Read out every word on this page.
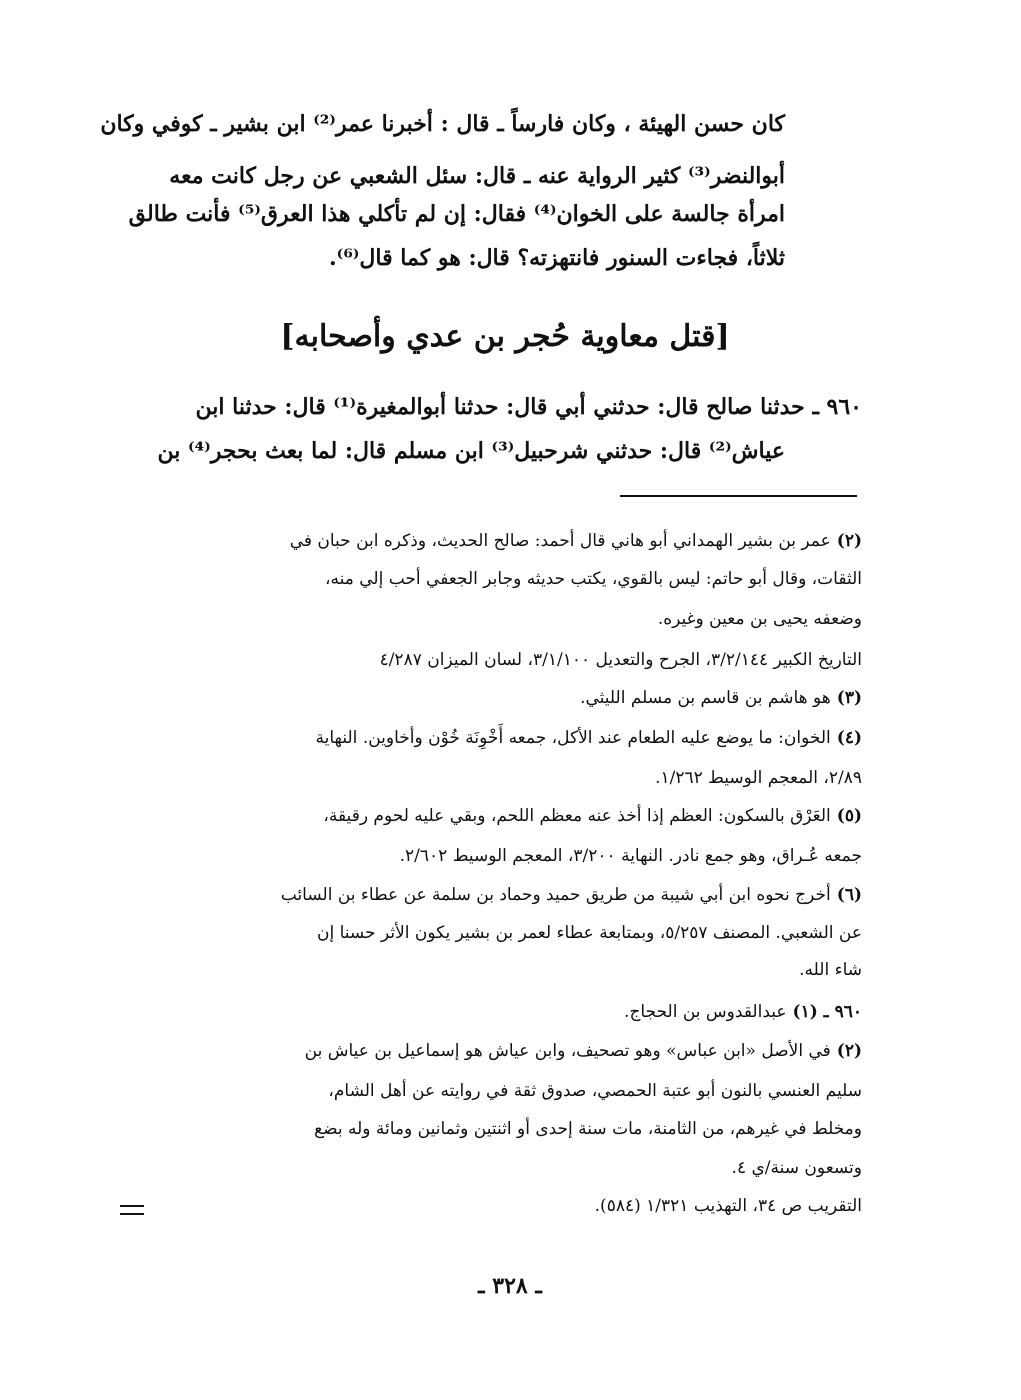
كان حسن الهيئة ، وكان فارساً ـ قال : أخبرنا عمر⁽²⁾ ابن بشير ـ كوفي وكان
أبوالنضر⁽³⁾ كثير الرواية عنه ـ قال: سئل الشعبي عن رجل كانت معه
امرأة جالسة على الخوان⁽⁴⁾ فقال: إن لم تأكلي هذا العرق⁽⁵⁾ فأنت طالق
ثلاثاً، فجاءت السنور فانتهزته؟ قال: هو كما قال⁽⁶⁾.
[قتل معاوية حُجر بن عدي وأصحابه]
٩٦٠ ـ حدثنا صالح قال: حدثني أبي قال: حدثنا أبوالمغيرة⁽¹⁾ قال: حدثنا ابن
عياش⁽²⁾ قال: حدثني شرحبيل⁽³⁾ ابن مسلم قال: لما بعث بحجر⁽⁴⁾ بن
(٢)عمر بن بشير الهمداني أبو هاني قال أحمد: صالح الحديث، وذكره ابن حبان في
الثقات، وقال أبو حاتم: ليس بالقوي، يكتب حديثه وجابر الجعفي أحب إلي منه،
وضعفه يحيى بن معين وغيره.
التاريخ الكبير ٣/٢/١٤٤، الجرح والتعديل ٣/١/١٠٠، لسان الميزان ٤/٢٨٧
(٣)هو هاشم بن قاسم بن مسلم الليثي.
(٤)الخوان: ما يوضع عليه الطعام عند الأكل، جمعه أَخْوِنَة خُوْن وأخاوين. النهاية
٢/٨٩، المعجم الوسيط ١/٢٦٢.
(٥)العَرْق بالسكون: العظم إذا أخذ عنه معظم اللحم، وبقي عليه لحوم رقيقة،
جمعه عُـراق، وهو جمع نادر. النهاية ٣/٢٠٠، المعجم الوسيط ٢/٦٠٢.
(٦)أخرج نحوه ابن أبي شيبة من طريق حميد وحماد بن سلمة عن عطاء بن السائب
عن الشعبي. المصنف ٥/٢٥٧، وبمتابعة عطاء لعمر بن بشير يكون الأثر حسنا إن
شاء الله.
٩٦٠ ـ (١)عبدالقدوس بن الحجاج.
(٢)في الأصل «ابن عباس» وهو تصحيف، وابن عياش هو إسماعيل بن عياش بن
سليم العنسي بالنون أبو عتبة الحمصي، صدوق ثقة في روايته عن أهل الشام،
ومخلط في غيرهم، من الثامنة، مات سنة إحدى أو اثنتين وثمانين ومائة وله بضع
وتسعون سنة/ي ٤.
التقريب ص ٣٤، التهذيب ١/٣٢١ (٥٨٤).
ـ ٣٢٨ ـ
